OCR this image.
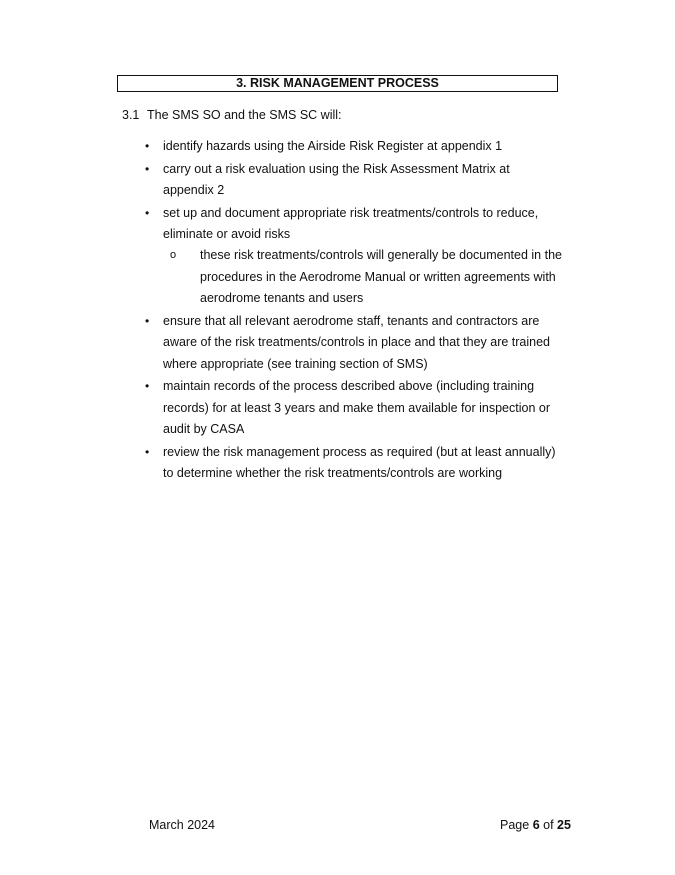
3. RISK MANAGEMENT PROCESS
3.1 The SMS SO and the SMS SC will:
• identify hazards using the Airside Risk Register at appendix 1
• carry out a risk evaluation using the Risk Assessment Matrix at appendix 2
• set up and document appropriate risk treatments/controls to reduce, eliminate or avoid risks
o these risk treatments/controls will generally be documented in the procedures in the Aerodrome Manual or written agreements with aerodrome tenants and users
• ensure that all relevant aerodrome staff, tenants and contractors are aware of the risk treatments/controls in place and that they are trained where appropriate (see training section of SMS)
• maintain records of the process described above (including training records) for at least 3 years and make them available for inspection or audit by CASA
• review the risk management process as required (but at least annually) to determine whether the risk treatments/controls are working
March 2024	Page 6 of 25
